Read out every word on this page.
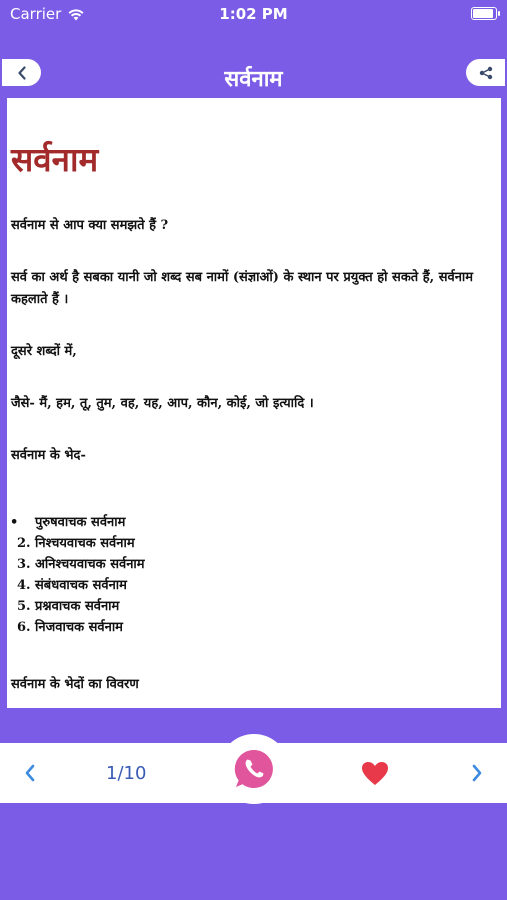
Carrier	1:02 PM
सर्वनाम
सर्वनाम

सर्वनाम से आप क्या समझते हैं ?

सर्व का अर्थ है सबका यानी जो शब्द सब नामों (संज्ञाओं) के स्थान पर प्रयुक्त हो सकते हैं, सर्वनाम कहलाते हैं ।

दूसरे शब्दों में,

जैसे- मैं, हम, तू, तुम, वह, यह, आप, कौन, कोई, जो इत्यादि ।

सर्वनाम के भेद-

• पुरुषवाचक सर्वनाम
2. निश्चयवाचक सर्वनाम
3. अनिश्चयवाचक सर्वनाम
4. संबंधवाचक सर्वनाम
5. प्रश्नवाचक सर्वनाम
6. निजवाचक सर्वनाम

सर्वनाम के भेदों का विवरण

1/10
